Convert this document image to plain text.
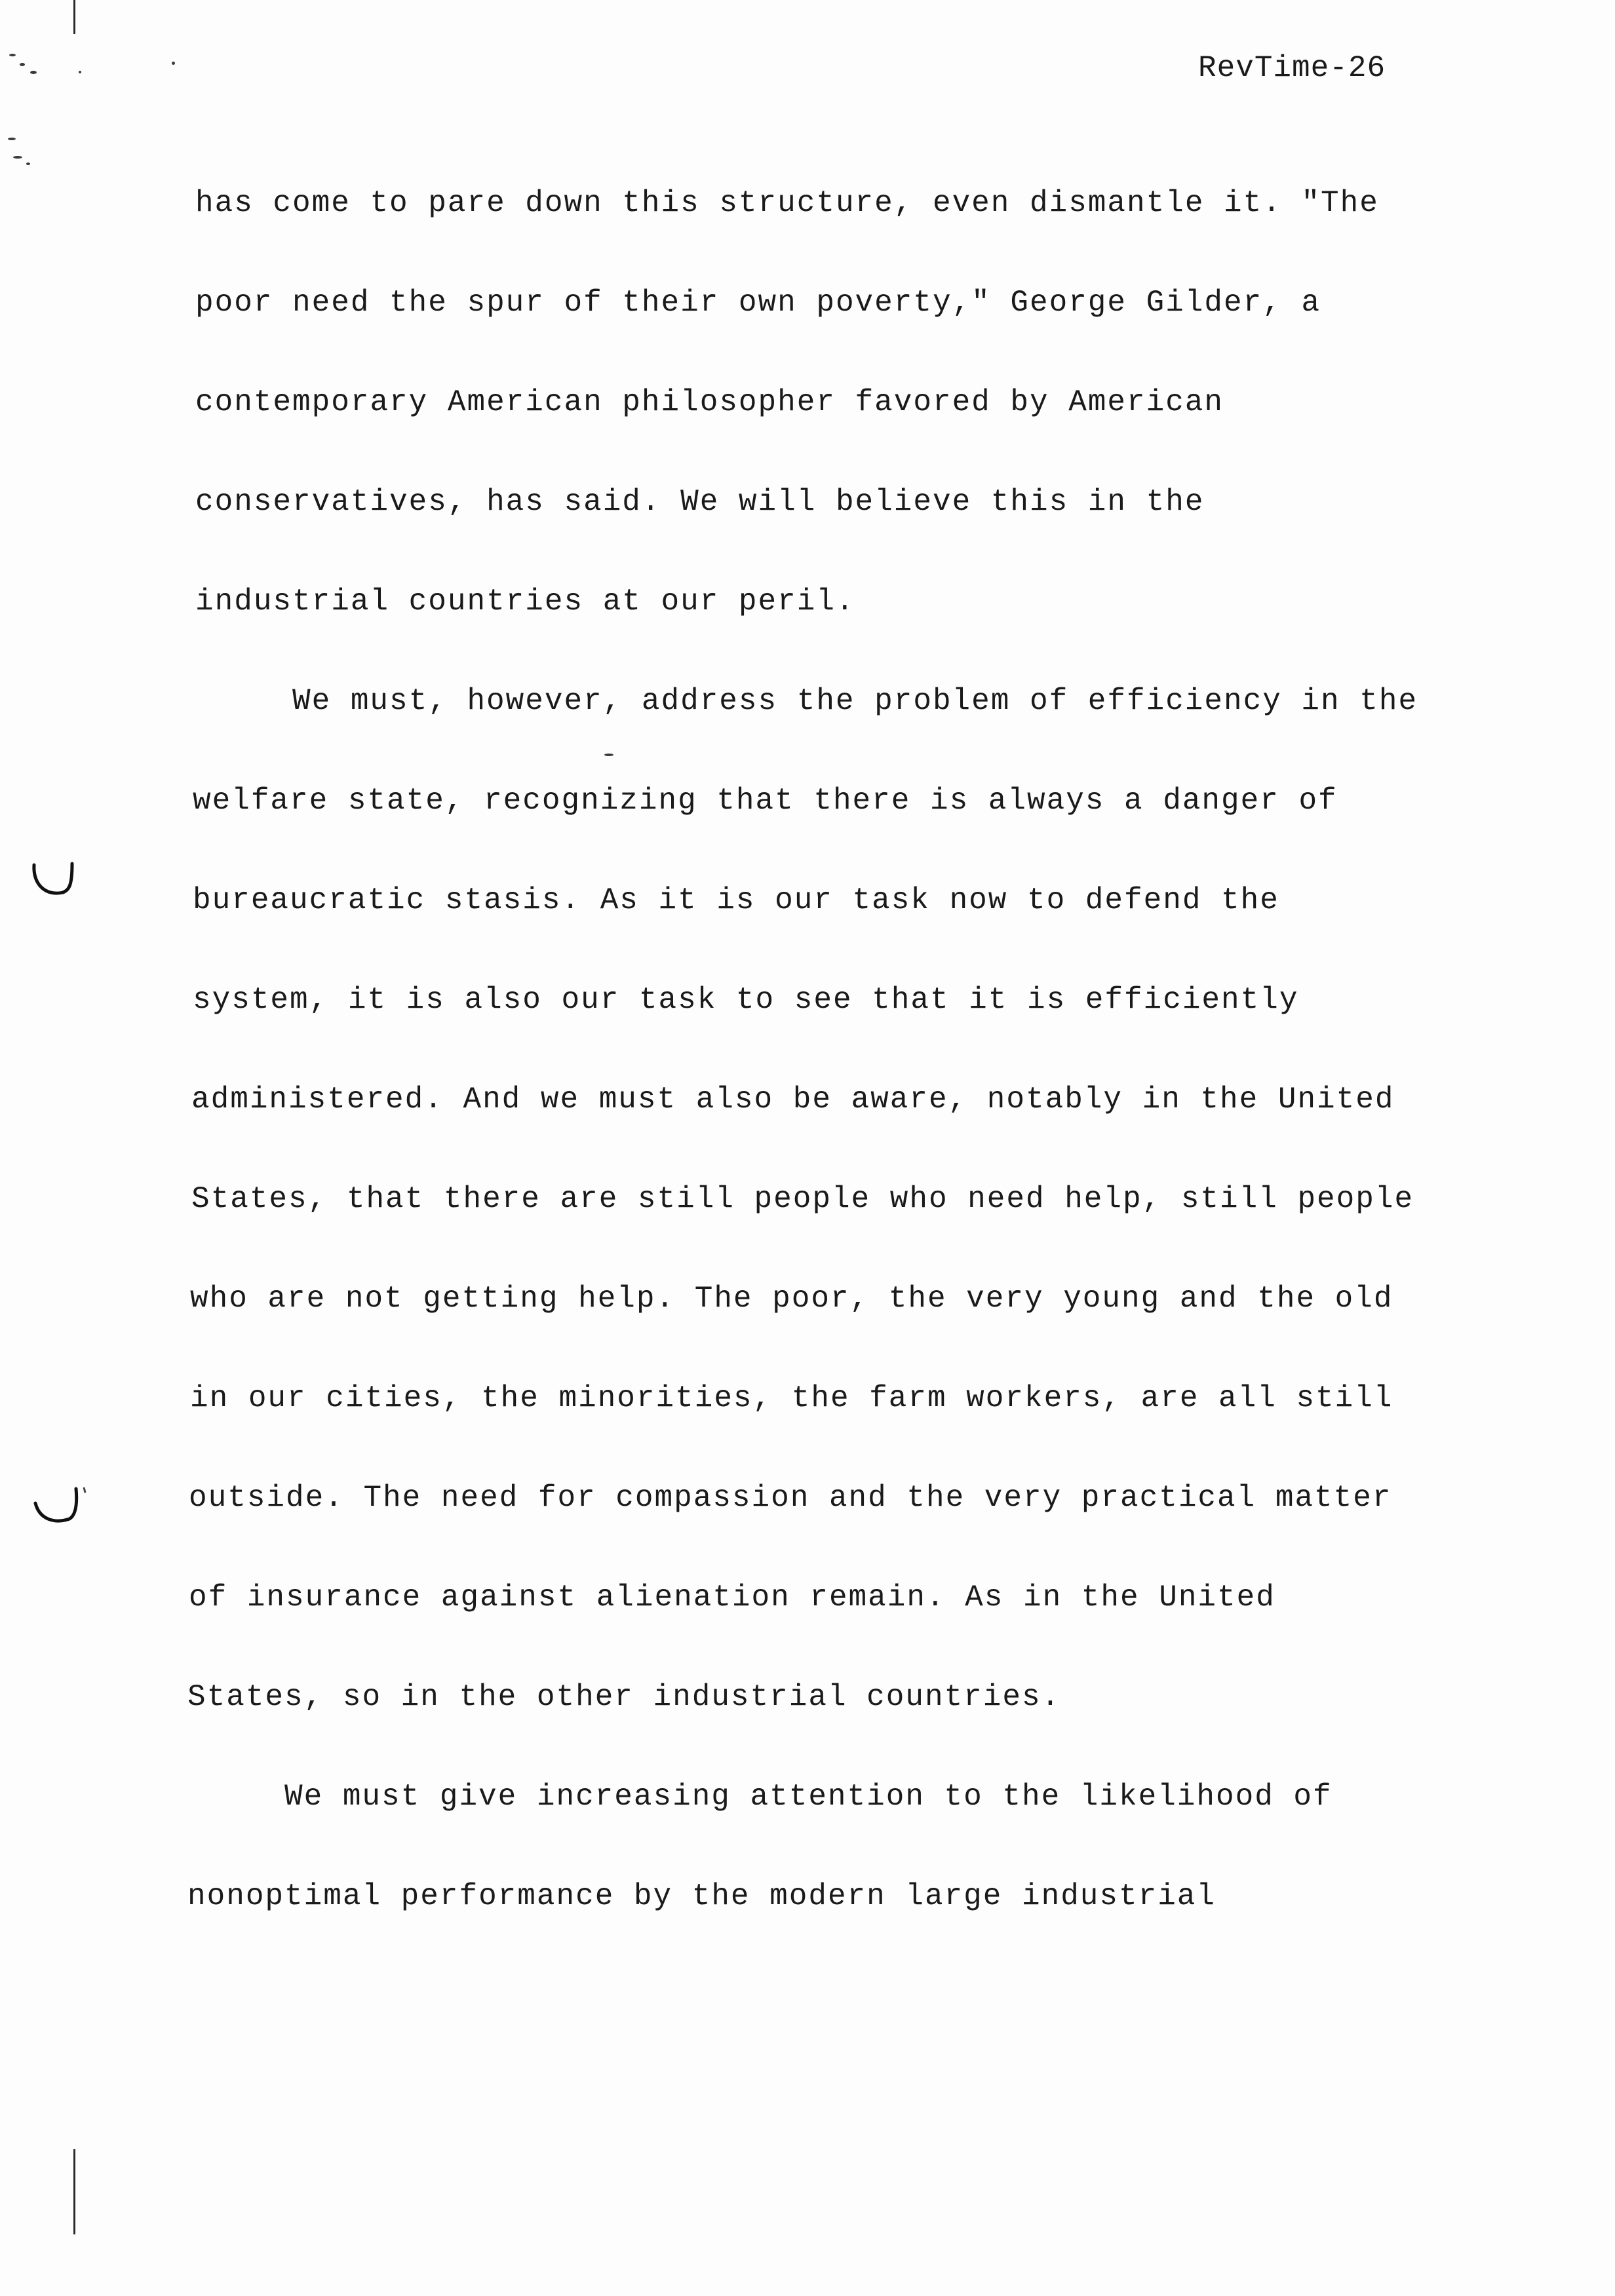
RevTime-26
has come to pare down this structure, even dismantle it. "The
poor need the spur of their own poverty," George Gilder, a
contemporary American philosopher favored by American
conservatives, has said. We will believe this in the
industrial countries at our peril.
We must, however, address the problem of efficiency in the
welfare state, recognizing that there is always a danger of
bureaucratic stasis. As it is our task now to defend the
system, it is also our task to see that it is efficiently
administered. And we must also be aware, notably in the United
States, that there are still people who need help, still people
who are not getting help. The poor, the very young and the old
in our cities, the minorities, the farm workers, are all still
outside. The need for compassion and the very practical matter
of insurance against alienation remain. As in the United
States, so in the other industrial countries.
We must give increasing attention to the likelihood of
nonoptimal performance by the modern large industrial
